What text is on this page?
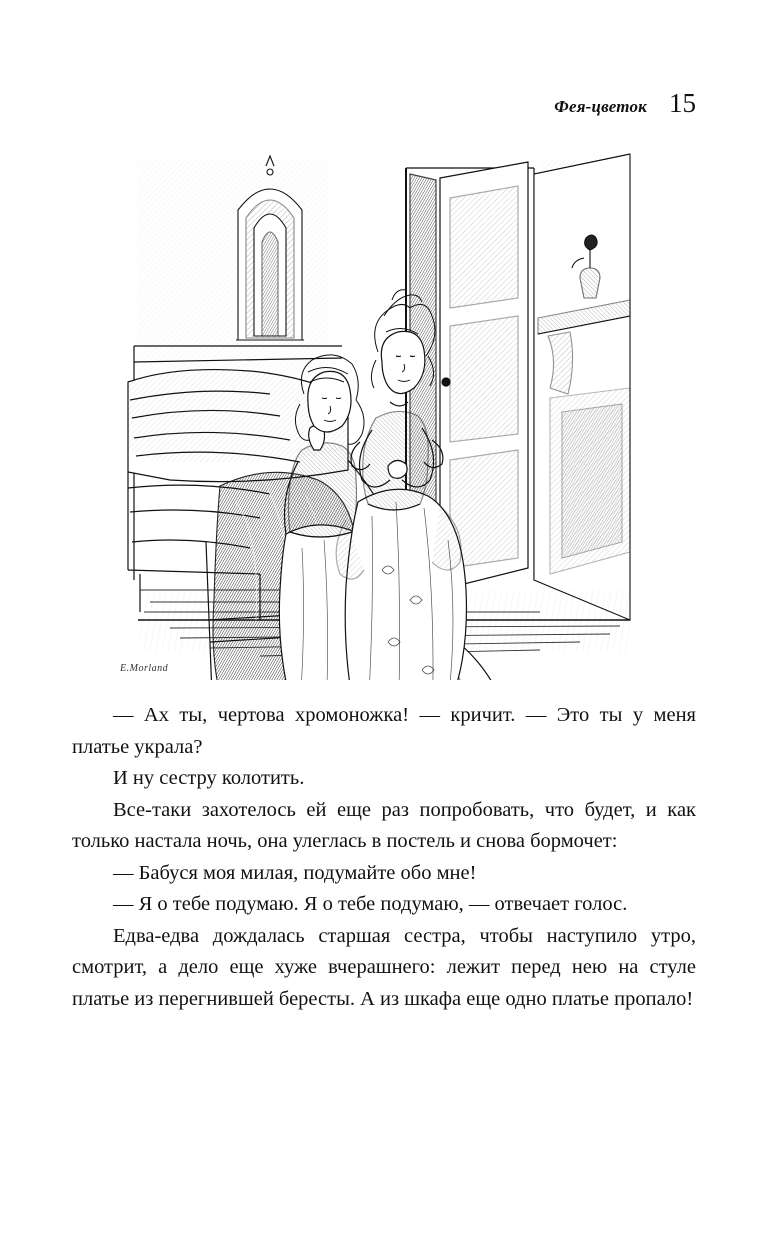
Фея-цветок 15
E.Morland

— Ах ты, чертова хромоножка! — кричит. — Это ты у меня платье украла?

И ну сестру колотить.

Все-таки захотелось ей еще раз попробовать, что будет, и как только настала ночь, она улеглась в постель и снова бормочет:

— Бабуся моя милая, подумайте обо мне!

— Я о тебе подумаю. Я о тебе подумаю, — отвечает голос.

Едва-едва дождалась старшая сестра, чтобы наступило утро, смотрит, а дело еще хуже вчерашнего: лежит перед нею на стуле платье из перегнившей бересты. А из шкафа еще одно платье пропало!
